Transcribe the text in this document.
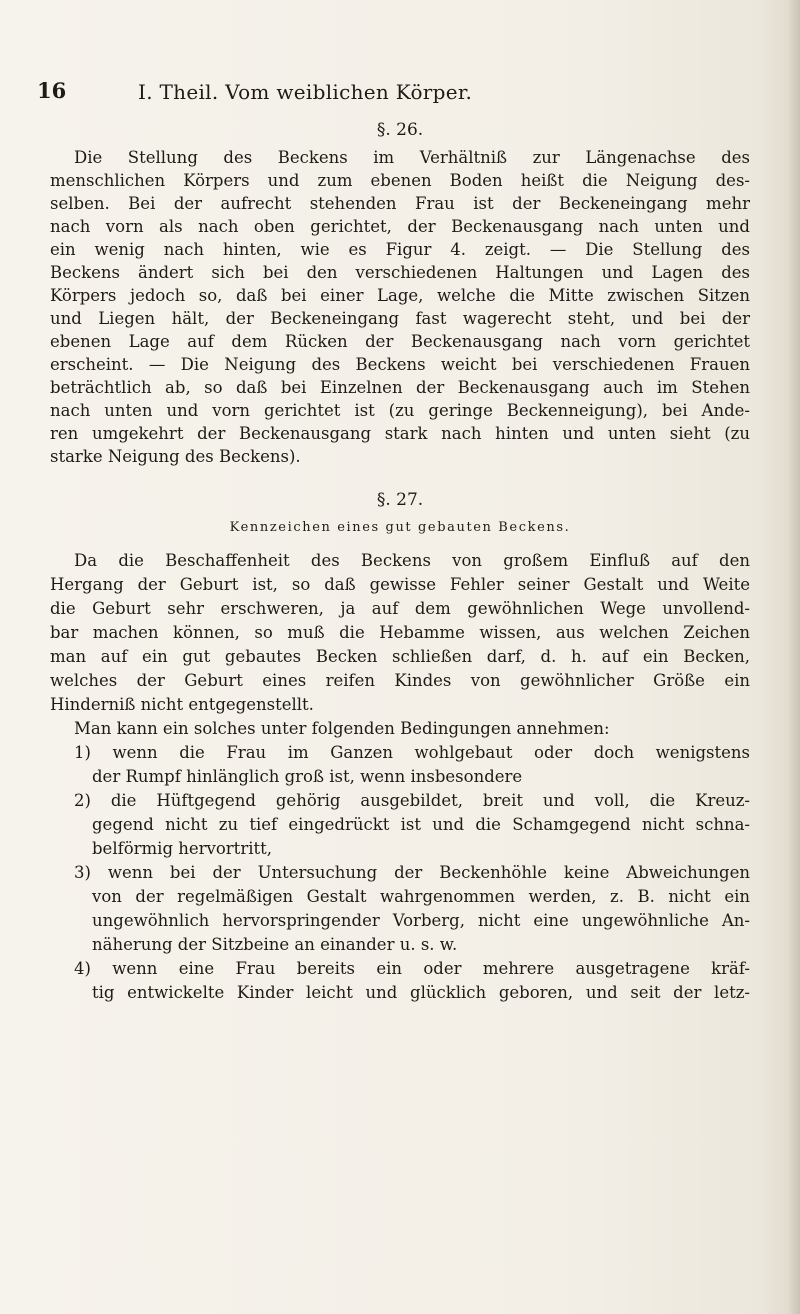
16	I. Theil. Vom weiblichen Körper.
§. 26.
Die Stellung des Beckens im Verhältniß zur Längenachse des
menschlichen Körpers und zum ebenen Boden heißt die Neigung des-
selben. Bei der aufrecht stehenden Frau ist der Beckeneingang mehr
nach vorn als nach oben gerichtet, der Beckenausgang nach unten und
ein wenig nach hinten, wie es Figur 4. zeigt. — Die Stellung des
Beckens ändert sich bei den verschiedenen Haltungen und Lagen des
Körpers jedoch so, daß bei einer Lage, welche die Mitte zwischen Sitzen
und Liegen hält, der Beckeneingang fast wagerecht steht, und bei der
ebenen Lage auf dem Rücken der Beckenausgang nach vorn gerichtet
erscheint. — Die Neigung des Beckens weicht bei verschiedenen Frauen
beträchtlich ab, so daß bei Einzelnen der Beckenausgang auch im Stehen
nach unten und vorn gerichtet ist (zu geringe Beckenneigung), bei Ande-
ren umgekehrt der Beckenausgang stark nach hinten und unten sieht (zu
starke Neigung des Beckens).
§. 27.
Kennzeichen eines gut gebauten Beckens.
Da die Beschaffenheit des Beckens von großem Einfluß auf den
Hergang der Geburt ist, so daß gewisse Fehler seiner Gestalt und Weite
die Geburt sehr erschweren, ja auf dem gewöhnlichen Wege unvollend-
bar machen können, so muß die Hebamme wissen, aus welchen Zeichen
man auf ein gut gebautes Becken schließen darf, d. h. auf ein Becken,
welches der Geburt eines reifen Kindes von gewöhnlicher Größe ein
Hinderniß nicht entgegenstellt.
Man kann ein solches unter folgenden Bedingungen annehmen:
1) wenn die Frau im Ganzen wohlgebaut oder doch wenigstens
der Rumpf hinlänglich groß ist, wenn insbesondere
2) die Hüftgegend gehörig ausgebildet, breit und voll, die Kreuz-
gegend nicht zu tief eingedrückt ist und die Schamgegend nicht schna-
belförmig hervortritt,
3) wenn bei der Untersuchung der Beckenhöhle keine Abweichungen
von der regelmäßigen Gestalt wahrgenommen werden, z. B. nicht ein
ungewöhnlich hervorspringender Vorberg, nicht eine ungewöhnliche An-
näherung der Sitzbeine an einander u. s. w.
4) wenn eine Frau bereits ein oder mehrere ausgetragene kräf-
tig entwickelte Kinder leicht und glücklich geboren, und seit der letz-
